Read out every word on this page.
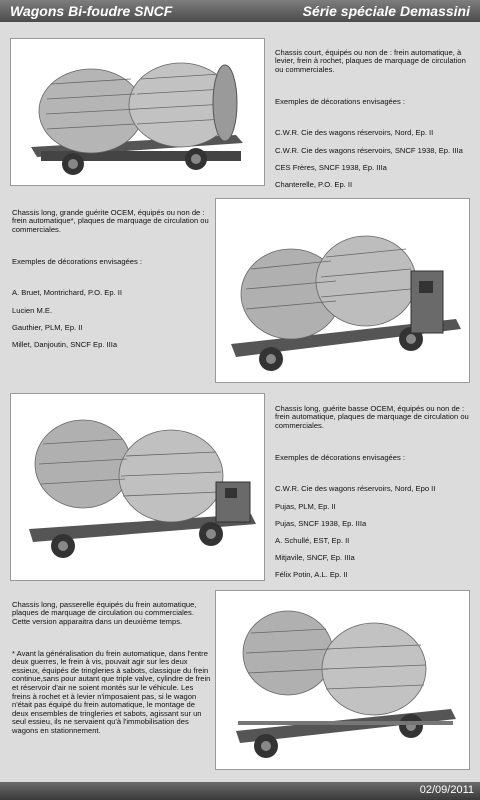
Wagons Bi-foudre SNCF	Série spéciale Demassini

Chassis court, équipés ou non de : frein automatique, à levier, frein à rochet, plaques de marquage de circulation ou commerciales.

Exemples de décorations envisagées :

C.W.R. Cie des wagons réservoirs, Nord, Ep. II

C.W.R. Cie des wagons réservoirs, SNCF 1938, Ep. IIIa

CES Frères, SNCF 1938, Ep. IIIa

Chanterelle, P.O. Ep. II

Chassis long, grande guérite OCEM, équipés ou non de : frein automatique*, plaques de marquage de circulation ou commerciales.

Exemples de décorations envisagées :

A. Bruet, Montrichard, P.O. Ep. II

Lucien M.E.

Gauthier, PLM, Ep. II

Millet, Danjoutin, SNCF Ep. IIIa

Chassis long, guérite basse OCEM, équipés ou non de : frein automatique, plaques de marquage de circulation ou commerciales.

Exemples de décorations envisagées :

C.W.R. Cie des wagons réservoirs, Nord, Epo II

Pujas, PLM, Ep. II

Pujas, SNCF 1938, Ep. IIIa

A. Schullé, EST, Ep. II

Mitjavile, SNCF, Ep. IIIa

Félix Potin, A.L. Ep. II

Chassis long, passerelle équipés du frein automatique, plaques de marquage de circulation ou commerciales. Cette version apparaitra dans un deuxième temps.

* Avant la généralisation du frein automatique, dans l'entre deux guerres, le frein à vis, pouvait agir sur les deux essieux, équipés de tringleries à sabots, classique du frein continue,sans pour autant que triple valve, cylindre de frein et réservoir d'air ne soient montés sur le véhicule. Les freins à rochet et à levier n'imposaient pas, si le wagon n'était pas équipé du frein automatique, le montage de deux ensembles de tringleries et sabots, agissant sur un seul essieu, ils ne servaient qu'à l'immobilisation des wagons en stationnement.

02/09/2011
